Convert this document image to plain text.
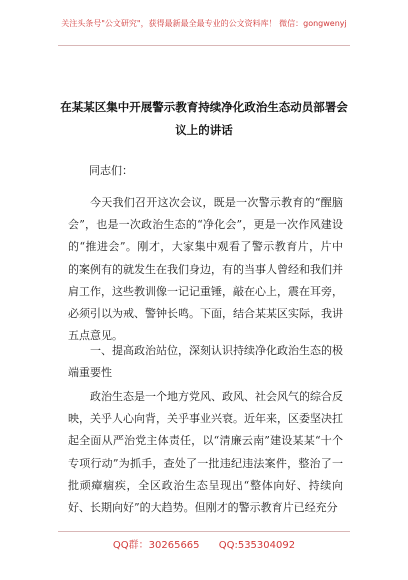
关注头条号"公文研究"，获得最新最全最专业的公文资料库！ 微信：gongwenyj
在某某区集中开展警示教育持续净化政治生态动员部署会
议上的讲话
同志们：

今天我们召开这次会议，既是一次警示教育的“醒脑会”，也是一次政治生态的“净化会”，更是一次作风建设的“推进会”。刚才，大家集中观看了警示教育片，片中的案例有的就发生在我们身边，有的当事人曾经和我们并肩工作，这些教训像一记记重锤，敲在心上，震在耳旁，必须引以为戒、警钟长鸣。下面，结合某某区实际，我讲五点意见。

一、提高政治站位，深刻认识持续净化政治生态的极端重要性

政治生态是一个地方党风、政风、社会风气的综合反映，关乎人心向背，关乎事业兴衰。近年来，区委坚决扛起全面从严治党主体责任，以“清廉云南”建设某某“十个专项行动”为抓手，查处了一批违纪违法案件，整治了一批顽瘴痼疾，全区政治生态呈现出“整体向好、持续向好、长期向好”的大趋势。但刚才的警示教育片已经充分

QQ群：30265665 QQ:535304092
